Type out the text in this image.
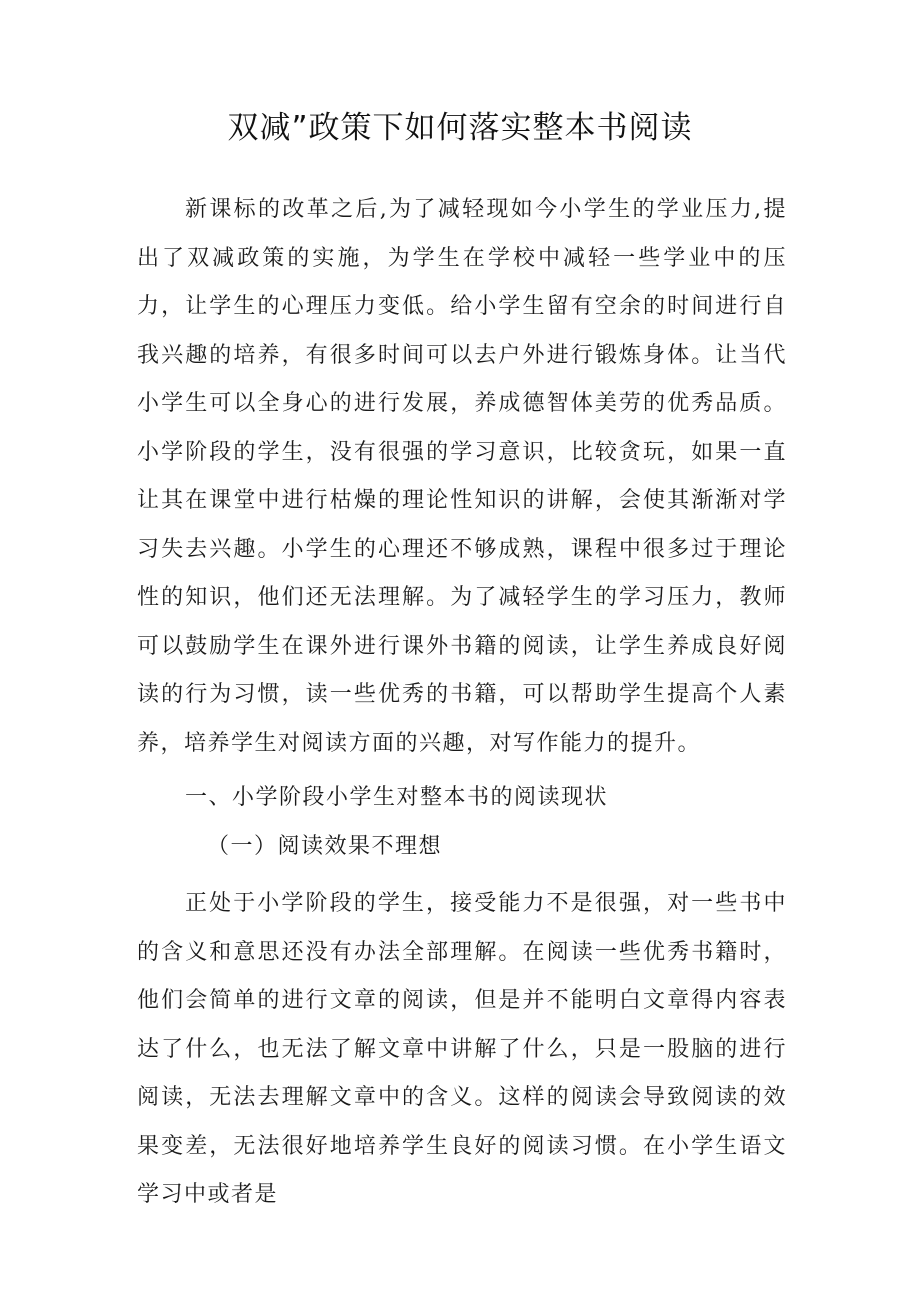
双减”政策下如何落实整本书阅读

新课标的改革之后,为了减轻现如今小学生的学业压力,提出了双减政策的实施，为学生在学校中减轻一些学业中的压力，让学生的心理压力变低。给小学生留有空余的时间进行自我兴趣的培养，有很多时间可以去户外进行锻炼身体。让当代小学生可以全身心的进行发展，养成德智体美劳的优秀品质。小学阶段的学生，没有很强的学习意识，比较贪玩，如果一直让其在课堂中进行枯燥的理论性知识的讲解，会使其渐渐对学习失去兴趣。小学生的心理还不够成熟，课程中很多过于理论性的知识，他们还无法理解。为了减轻学生的学习压力，教师可以鼓励学生在课外进行课外书籍的阅读，让学生养成良好阅读的行为习惯，读一些优秀的书籍，可以帮助学生提高个人素养，培养学生对阅读方面的兴趣，对写作能力的提升。

一、小学阶段小学生对整本书的阅读现状

（一）阅读效果不理想

正处于小学阶段的学生，接受能力不是很强，对一些书中的含义和意思还没有办法全部理解。在阅读一些优秀书籍时，他们会简单的进行文章的阅读，但是并不能明白文章得内容表达了什么，也无法了解文章中讲解了什么，只是一股脑的进行阅读，无法去理解文章中的含义。这样的阅读会导致阅读的效果变差，无法很好地培养学生良好的阅读习惯。在小学生语文学习中或者是
